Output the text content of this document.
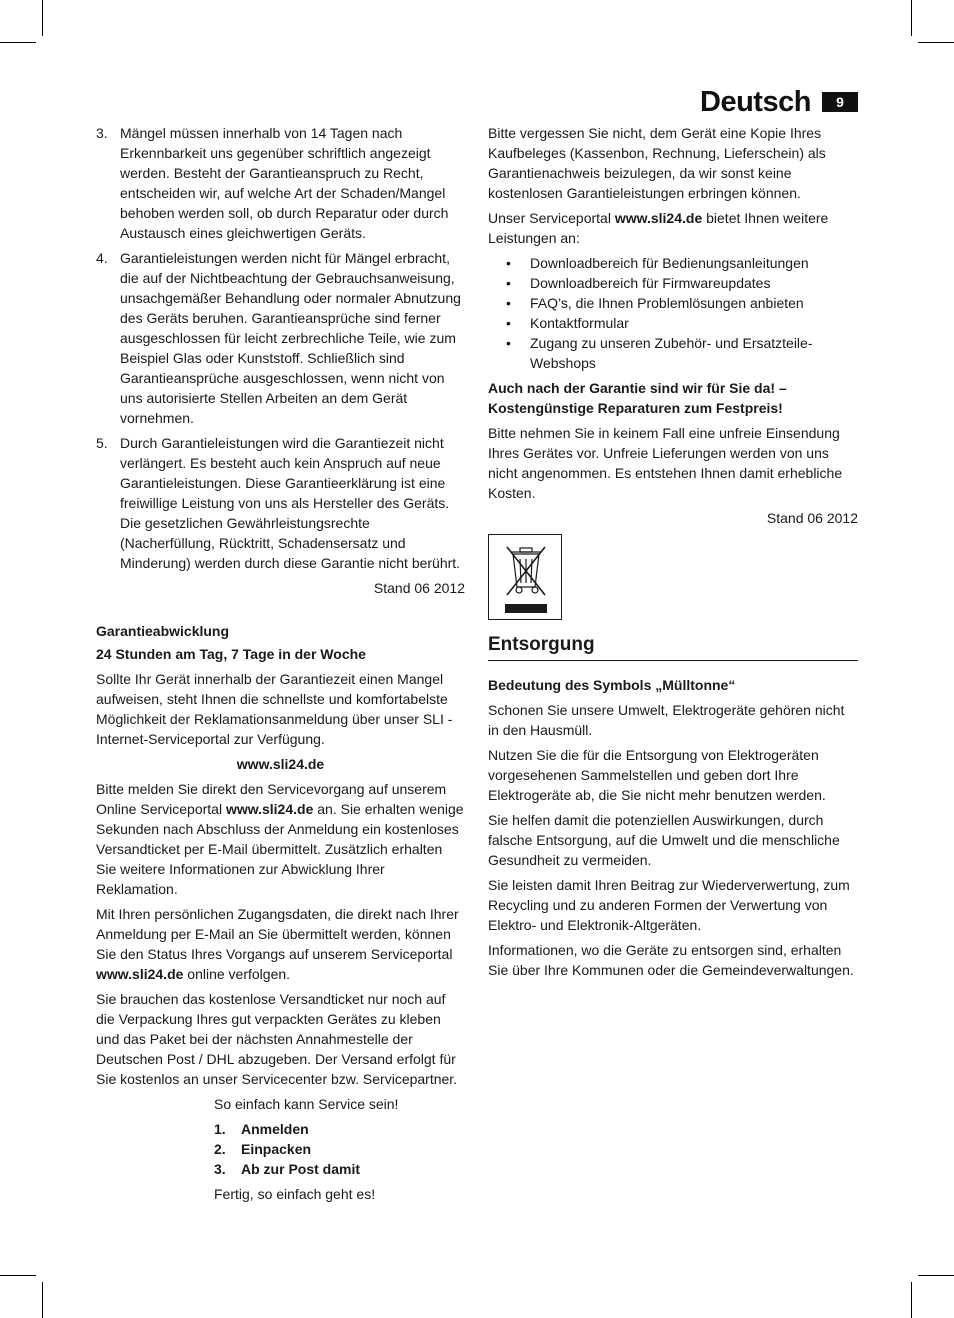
Deutsch	9
3. Mängel müssen innerhalb von 14 Tagen nach Erkennbarkeit uns gegenüber schriftlich angezeigt werden. Besteht der Garantieanspruch zu Recht, entscheiden wir, auf welche Art der Schaden/Mangel behoben werden soll, ob durch Reparatur oder durch Austausch eines gleichwertigen Geräts.
4. Garantieleistungen werden nicht für Mängel erbracht, die auf der Nichtbeachtung der Gebrauchsanweisung, unsachgemäßer Behandlung oder normaler Abnutzung des Geräts beruhen. Garantieansprüche sind ferner ausgeschlossen für leicht zerbrechliche Teile, wie zum Beispiel Glas oder Kunststoff. Schließlich sind Garantieansprüche ausgeschlossen, wenn nicht von uns autorisierte Stellen Arbeiten an dem Gerät vornehmen.
5. Durch Garantieleistungen wird die Garantiezeit nicht verlängert. Es besteht auch kein Anspruch auf neue Garantieleistungen. Diese Garantieerklärung ist eine freiwillige Leistung von uns als Hersteller des Geräts. Die gesetzlichen Gewährleistungsrechte (Nacherfüllung, Rücktritt, Schadensersatz und Minderung) werden durch diese Garantie nicht berührt.

Stand 06 2012

Garantieabwicklung

24 Stunden am Tag, 7 Tage in der Woche

Sollte Ihr Gerät innerhalb der Garantiezeit einen Mangel aufweisen, steht Ihnen die schnellste und komfortabelste Möglichkeit der Reklamationsanmeldung über unser SLI - Internet-Serviceportal zur Verfügung.

www.sli24.de

Bitte melden Sie direkt den Servicevorgang auf unserem Online Serviceportal www.sli24.de an. Sie erhalten wenige Sekunden nach Abschluss der Anmeldung ein kostenloses Versandticket per E-Mail übermittelt. Zusätzlich erhalten Sie weitere Informationen zur Abwicklung Ihrer Reklamation.

Mit Ihren persönlichen Zugangsdaten, die direkt nach Ihrer Anmeldung per E-Mail an Sie übermittelt werden, können Sie den Status Ihres Vorgangs auf unserem Serviceportal www.sli24.de online verfolgen.

Sie brauchen das kostenlose Versandticket nur noch auf die Verpackung Ihres gut verpackten Gerätes zu kleben und das Paket bei der nächsten Annahmestelle der Deutschen Post / DHL abzugeben. Der Versand erfolgt für Sie kostenlos an unser Servicecenter bzw. Servicepartner.

So einfach kann Service sein!

1. Anmelden
2. Einpacken
3. Ab zur Post damit

Fertig, so einfach geht es!

Bitte vergessen Sie nicht, dem Gerät eine Kopie Ihres Kaufbeleges (Kassenbon, Rechnung, Lieferschein) als Garantienachweis beizulegen, da wir sonst keine kostenlosen Garantieleistungen erbringen können.

Unser Serviceportal www.sli24.de bietet Ihnen weitere Leistungen an:

• Downloadbereich für Bedienungsanleitungen
• Downloadbereich für Firmwareupdates
• FAQ’s, die Ihnen Problemlösungen anbieten
• Kontaktformular
• Zugang zu unseren Zubehör- und Ersatzteile-Webshops

Auch nach der Garantie sind wir für Sie da! – Kostengünstige Reparaturen zum Festpreis!

Bitte nehmen Sie in keinem Fall eine unfreie Einsendung Ihres Gerätes vor. Unfreie Lieferungen werden von uns nicht angenommen. Es entstehen Ihnen damit erhebliche Kosten.

Stand 06 2012

Entsorgung

Bedeutung des Symbols „Mülltonne“

Schonen Sie unsere Umwelt, Elektrogeräte gehören nicht in den Hausmüll.

Nutzen Sie die für die Entsorgung von Elektrogeräten vorgesehenen Sammelstellen und geben dort Ihre Elektrogeräte ab, die Sie nicht mehr benutzen werden.

Sie helfen damit die potenziellen Auswirkungen, durch falsche Entsorgung, auf die Umwelt und die menschliche Gesundheit zu vermeiden.

Sie leisten damit Ihren Beitrag zur Wiederverwertung, zum Recycling und zu anderen Formen der Verwertung von Elektro- und Elektronik-Altgeräten.

Informationen, wo die Geräte zu entsorgen sind, erhalten Sie über Ihre Kommunen oder die Gemeindeverwaltungen.
